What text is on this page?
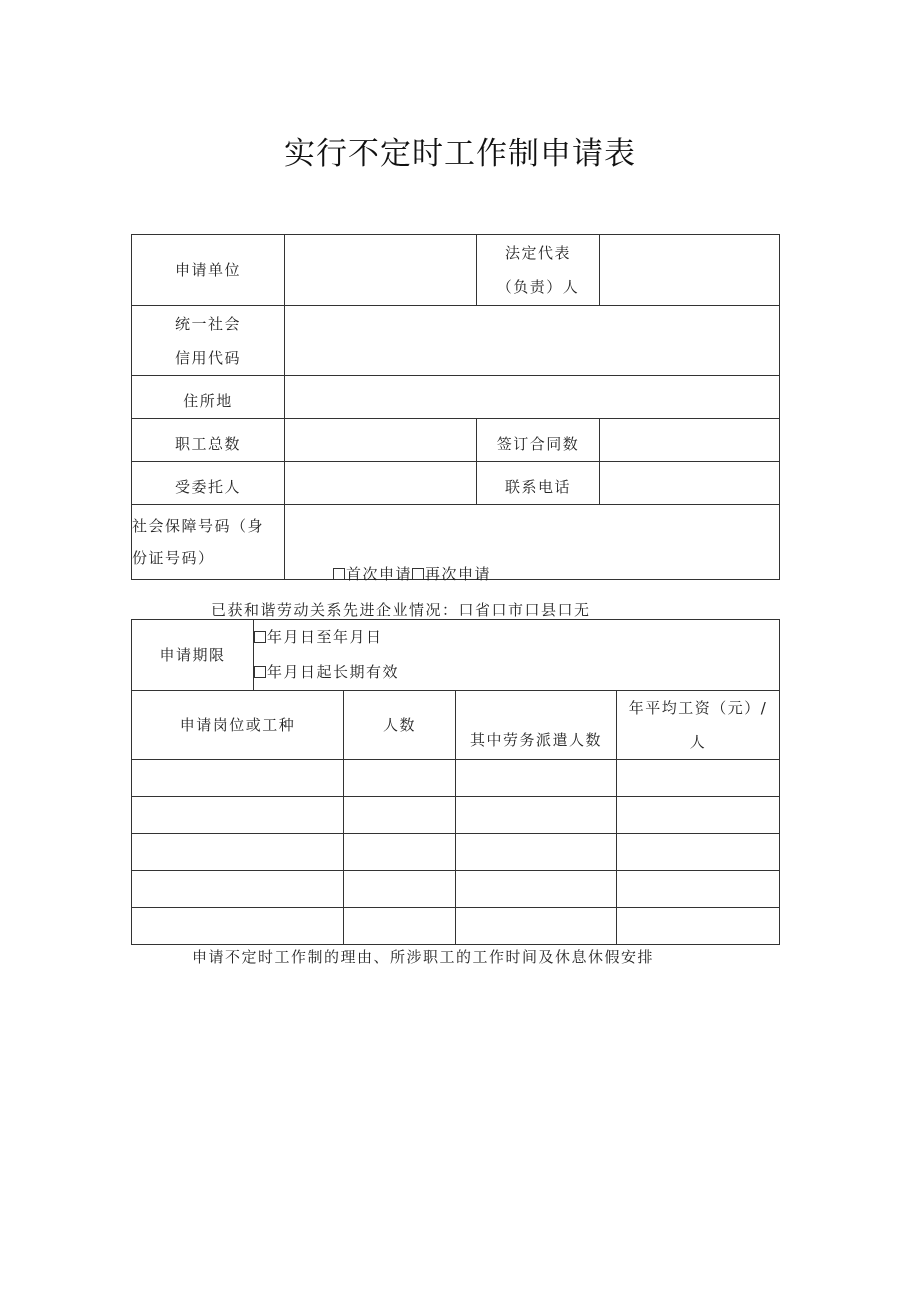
实行不定时工作制申请表
申请单位		法定代表
（负责）人	

统一社会
信用代码			

住所地			
职工总数		签订合同数	
受委托人		联系电话	

社会保障号码（身
份证号码）			

首次申请 再次申请
已获和谐劳动关系先进企业情况：口省口市口县口无
申请期限	年月日至年月日
年月日起长期有效			

申请岗位或工种		人数	其中劳务派遣人数	年平均工资（元）/
人

申请不定时工作制的理由、所涉职工的工作时间及休息休假安排
